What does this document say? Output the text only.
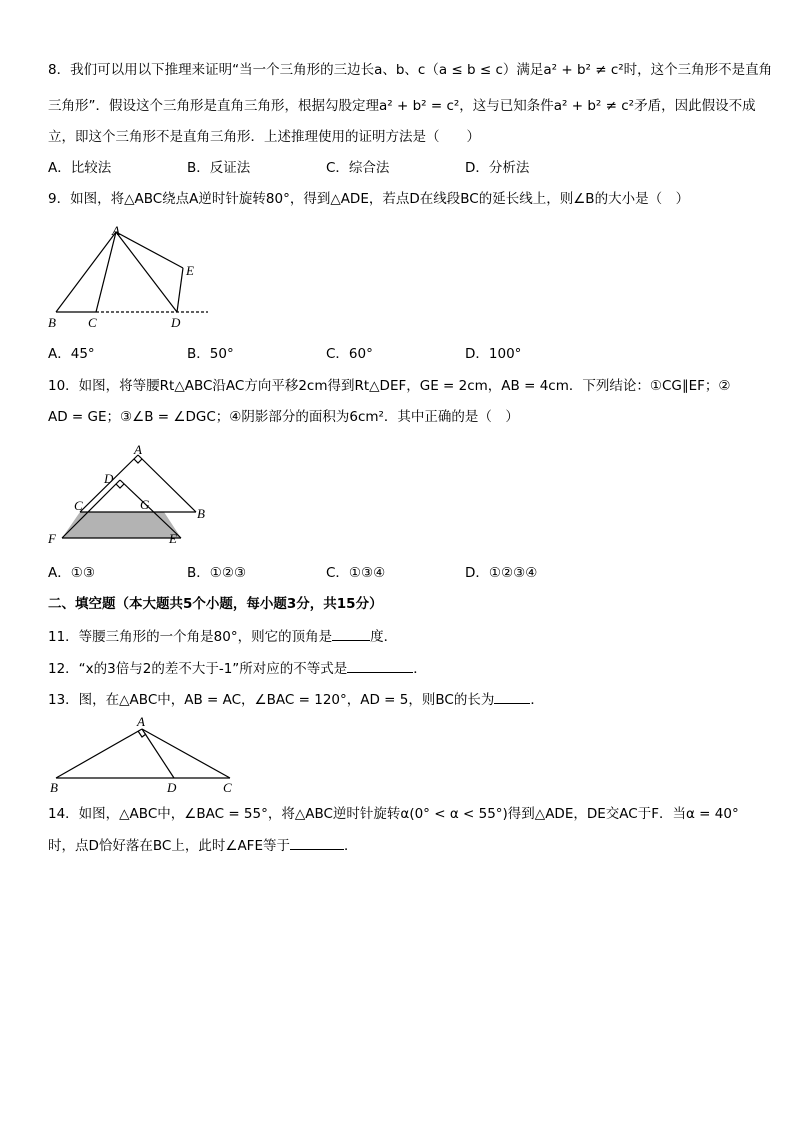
8．我们可以用以下推理来证明“当一个三角形的三边长a、b、c（a ≤ b ≤ c）满足a² + b² ≠ c²时，这个三角形不是直角
三角形”．假设这个三角形是直角三角形，根据勾股定理a² + b² = c²，这与已知条件a² + b² ≠ c²矛盾，因此假设不成
立，即这个三角形不是直角三角形．上述推理使用的证明方法是（　　）
A．比较法	B．反证法	C．综合法	D．分析法
9．如图，将△ABC绕点A逆时针旋转80°，得到△ADE，若点D在线段BC的延长线上，则∠B的大小是（　）
A
B C	D
E
A．45°	B．50°	C．60°	D．100°
10．如图，将等腰Rt△ABC沿AC方向平移2cm得到Rt△DEF，GE = 2cm，AB = 4cm．下列结论：①CG∥EF；②
AD = GE；③∠B = ∠DGC；④阴影部分的面积为6cm²．其中正确的是（　）
A
D
C	G
B
F	E
A．①③	B．①②③	C．①③④	D．①②③④
二、填空题（本大题共5个小题，每小题3分，共15分）
11．等腰三角形的一个角是80°，则它的顶角是	度．
12．“x的3倍与2的差不大于-1”所对应的不等式是	．
13．图，在△ABC中，AB = AC，∠BAC = 120°，AD = 5，则BC的长为	．
A
B	D	C
14．如图，△ABC中，∠BAC = 55°，将△ABC逆时针旋转α(0° < α < 55°)得到△ADE，DE交AC于F．当α = 40°
时，点D恰好落在BC上，此时∠AFE等于	．
